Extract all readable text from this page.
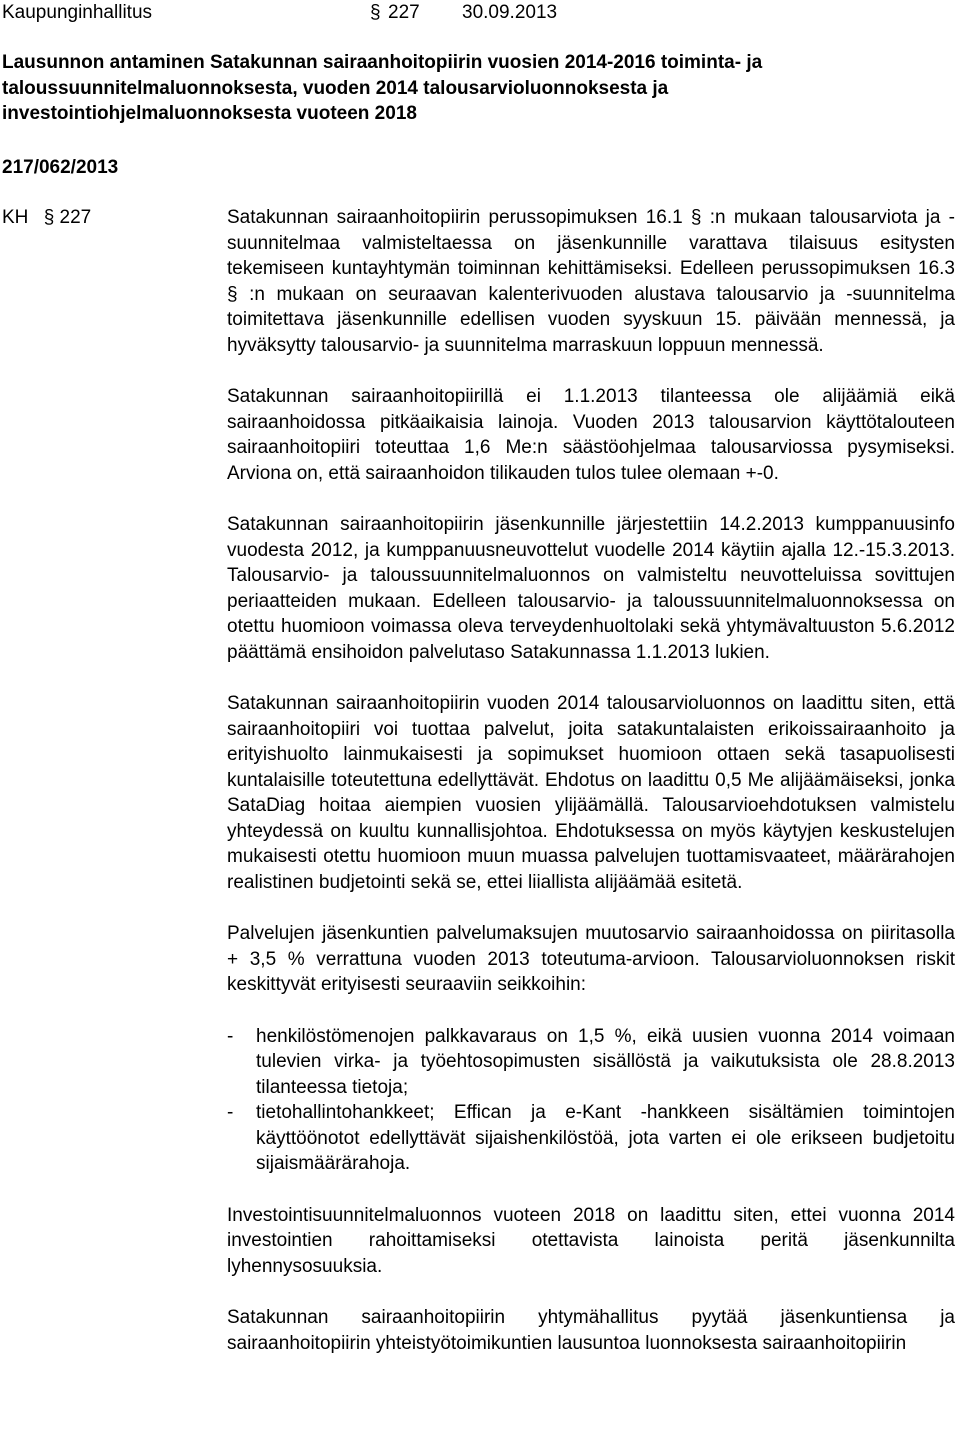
Kaupunginhallitus	§ 227 30.09.2013
Lausunnon antaminen Satakunnan sairaanhoitopiirin vuosien 2014-2016 toiminta- ja taloussuunnitelmaluonnoksesta, vuoden 2014 talousarvioluonnoksesta ja investointiohjelmaluonnoksesta vuoteen 2018
217/062/2013
KH § 227	Satakunnan sairaanhoitopiirin perussopimuksen 16.1 § :n mukaan talousarviota ja -suunnitelmaa valmisteltaessa on jäsenkunnille varattava tilaisuus esitysten tekemiseen kuntayhtymän toiminnan kehittämiseksi. Edelleen perussopimuksen 16.3 § :n mukaan on seuraavan kalenterivuoden alustava talousarvio ja -suunnitelma toimitettava jäsenkunnille edellisen vuoden syyskuun 15. päivään mennessä, ja hyväksytty talousarvio- ja suunnitelma marraskuun loppuun mennessä.

Satakunnan sairaanhoitopiirillä ei 1.1.2013 tilanteessa ole alijäämiä eikä sairaanhoidossa pitkäaikaisia lainoja. Vuoden 2013 talousarvion käyttötalouteen sairaanhoitopiiri toteuttaa 1,6 Me:n säästöohjelmaa talousarviossa pysymiseksi. Arviona on, että sairaanhoidon tilikauden tulos tulee olemaan +-0.

Satakunnan sairaanhoitopiirin jäsenkunnille järjestettiin 14.2.2013 kumppanuusinfo vuodesta 2012, ja kumppanuusneuvottelut vuodelle 2014 käytiin ajalla 12.-15.3.2013. Talousarvio- ja taloussuunnitelmaluonnos on valmisteltu neuvotteluissa sovittujen periaatteiden mukaan. Edelleen talousarvio- ja taloussuunnitelmaluonnoksessa on otettu huomioon voimassa oleva terveydenhuoltolaki sekä yhtymävaltuuston 5.6.2012 päättämä ensihoidon palvelutaso Satakunnassa 1.1.2013 lukien.

Satakunnan sairaanhoitopiirin vuoden 2014 talousarvioluonnos on laadittu siten, että sairaanhoitopiiri voi tuottaa palvelut, joita satakuntalaisten erikoissairaanhoito ja erityishuolto lainmukaisesti ja sopimukset huomioon ottaen sekä tasapuolisesti kuntalaisille toteutettuna edellyttävät. Ehdotus on laadittu 0,5 Me alijäämäiseksi, jonka SataDiag hoitaa aiempien vuosien ylijäämällä. Talousarvioehdotuksen valmistelu yhteydessä on kuultu kunnallisjohtoa. Ehdotuksessa on myös käytyjen keskustelujen mukaisesti otettu huomioon muun muassa palvelujen tuottamisvaateet, määrärahojen realistinen budjetointi sekä se, ettei liiallista alijäämää esitetä.

Palvelujen jäsenkuntien palvelumaksujen muutosarvio sairaanhoidossa on piiritasolla + 3,5 % verrattuna vuoden 2013 toteutuma-arvioon. Talousarvioluonnoksen riskit keskittyvät erityisesti seuraaviin seikkoihin:

- henkilöstömenojen palkkavaraus on 1,5 %, eikä uusien vuonna 2014 voimaan tulevien virka- ja työehtosopimusten sisällöstä ja vaikutuksista ole 28.8.2013 tilanteessa tietoja;
- tietohallintohankkeet; Effican ja e-Kant -hankkeen sisältämien toimintojen käyttöönotot edellyttävät sijaishenkilöstöä, jota varten ei ole erikseen budjetoitu sijaismäärärahoja.

Investointisuunnitelmaluonnos vuoteen 2018 on laadittu siten, ettei vuonna 2014 investointien rahoittamiseksi otettavista lainoista peritä jäsenkunnilta lyhennysosuuksia.

Satakunnan sairaanhoitopiirin yhtymähallitus pyytää jäsenkuntiensa ja sairaanhoitopiirin yhteistyötoimikuntien lausuntoa luonnoksesta sairaanhoitopiirin
